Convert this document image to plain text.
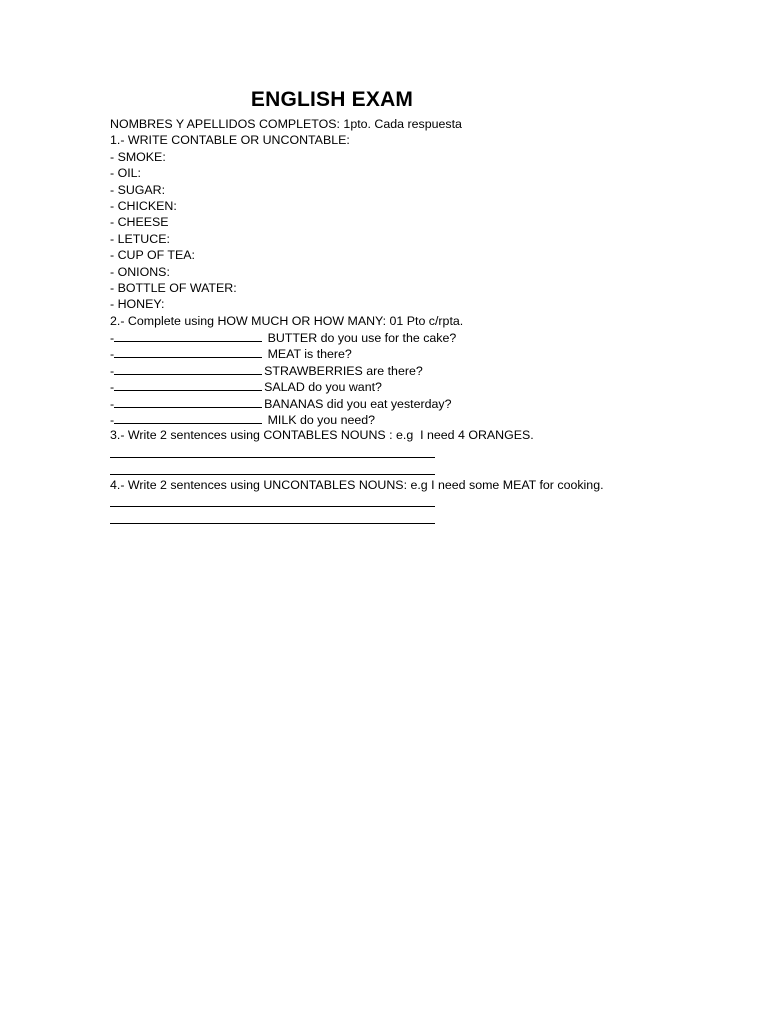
ENGLISH EXAM
NOMBRES Y APELLIDOS COMPLETOS: 1pto. Cada respuesta
1.- WRITE CONTABLE OR UNCONTABLE:
- SMOKE:
- OIL:
- SUGAR:
- CHICKEN:
- CHEESE
- LETUCE:
- CUP OF TEA:
- ONIONS:
- BOTTLE OF WATER:
- HONEY:
2.- Complete using HOW MUCH OR HOW MANY: 01 Pto c/rpta.
-	BUTTER do you use for the cake?
-	MEAT is there?
-	STRAWBERRIES are there?
-	SALAD do you want?
-	BANANAS did you eat yesterday?
-	MILK do you need?
3.- Write 2 sentences using CONTABLES NOUNS : e.g  I need 4 ORANGES.
4.- Write 2 sentences using UNCONTABLES NOUNS: e.g I need some MEAT for cooking.
